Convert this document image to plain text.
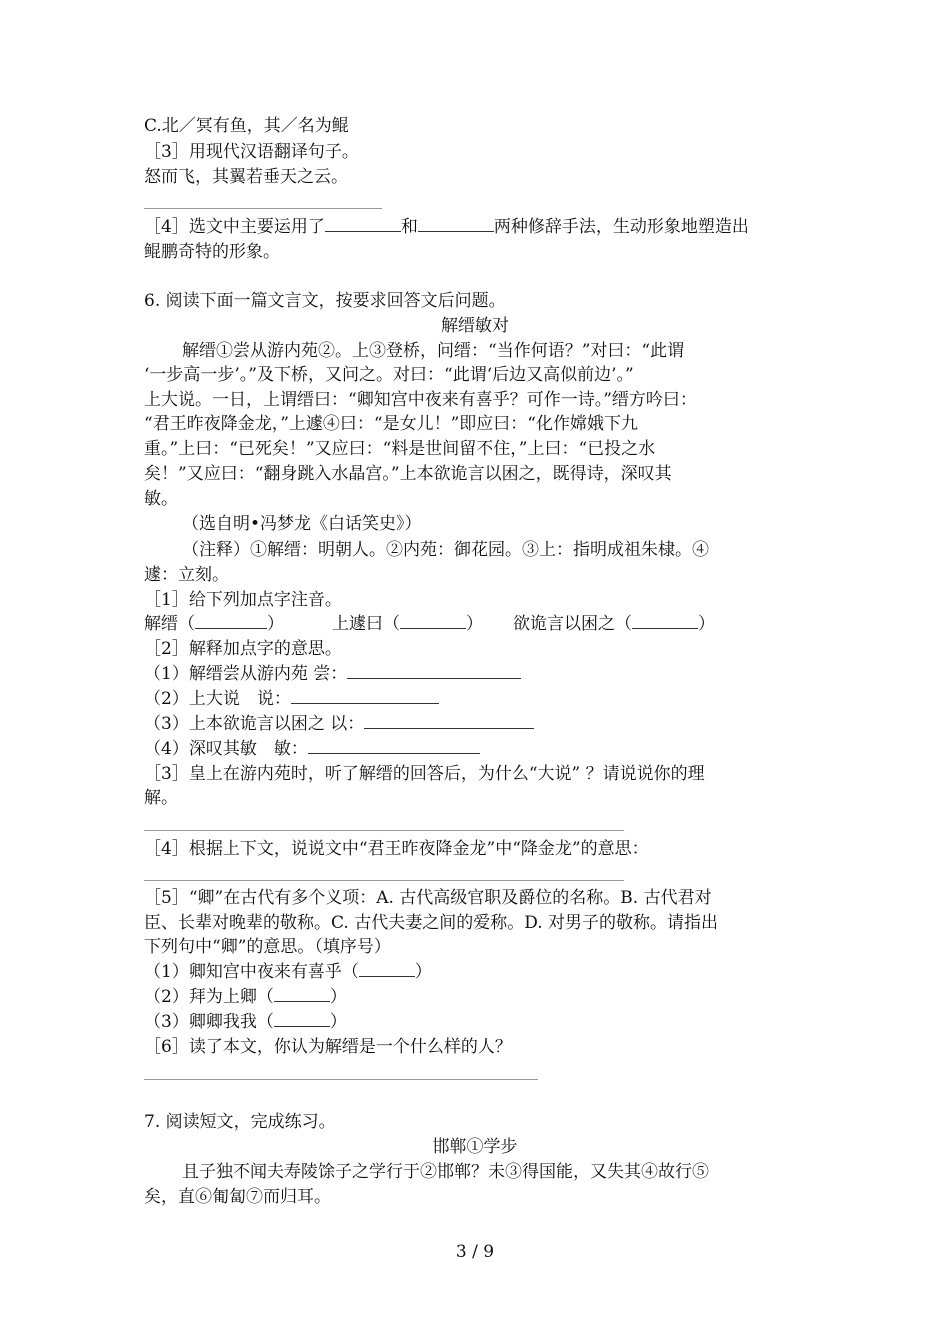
C.北／冥有鱼，其／名为鲲
［3］用现代汉语翻译句子。
怒而飞，其翼若垂天之云。
［4］选文中主要运用了	和	两种修辞手法，生动形象地塑造出
鲲鹏奇特的形象。
6. 阅读下面一篇文言文，按要求回答文后问题。
解缙敏对
解缙①尝从游内苑②。上③登桥，问缙：“当作何语？”对曰：“此谓
‘一步高一步’。”及下桥，又问之。对曰：“此谓‘后边又高似前边’。”
上大说。一日，上谓缙曰：“卿知宫中夜来有喜乎？可作一诗。”缙方吟曰：
“君王昨夜降金龙，”上遽④曰：“是女儿！”即应曰：“化作嫦娥下九
重。”上曰：“已死矣！”又应曰：“料是世间留不住，”上曰：“已投之水
矣！”又应曰：“翻身跳入水晶宫。”上本欲诡言以困之，既得诗，深叹其
敏。
（选自明•冯梦龙《白话笑史》）
（注释）①解缙：明朝人。②内苑：御花园。③上：指明成祖朱棣。④
遽：立刻。
［1］给下列加点字注音。
解缙（	）	上遽曰（	） 欲诡言以困之（	）
［2］解释加点字的意思。
（1）解缙尝从游内苑 尝：
（2）上大说　说：
（3）上本欲诡言以困之 以：
（4）深叹其敏　敏：
［3］皇上在游内苑时，听了解缙的回答后，为什么“大说” ？请说说你的理
解。
［4］根据上下文，说说文中“君王昨夜降金龙”中“降金龙”的意思：
［5］“卿”在古代有多个义项：A. 古代高级官职及爵位的名称。B. 古代君对
臣、长辈对晚辈的敬称。C. 古代夫妻之间的爱称。D. 对男子的敬称。请指出
下列句中“卿”的意思。（填序号）
（1）卿知宫中夜来有喜乎（	）
（2）拜为上卿（	）
（3）卿卿我我（	）
［6］读了本文，你认为解缙是一个什么样的人？
7. 阅读短文，完成练习。
邯郸①学步
且子独不闻夫寿陵馀子之学行于②邯郸？未③得国能，又失其④故行⑤
矣，直⑥匍匐⑦而归耳。
3 / 9
